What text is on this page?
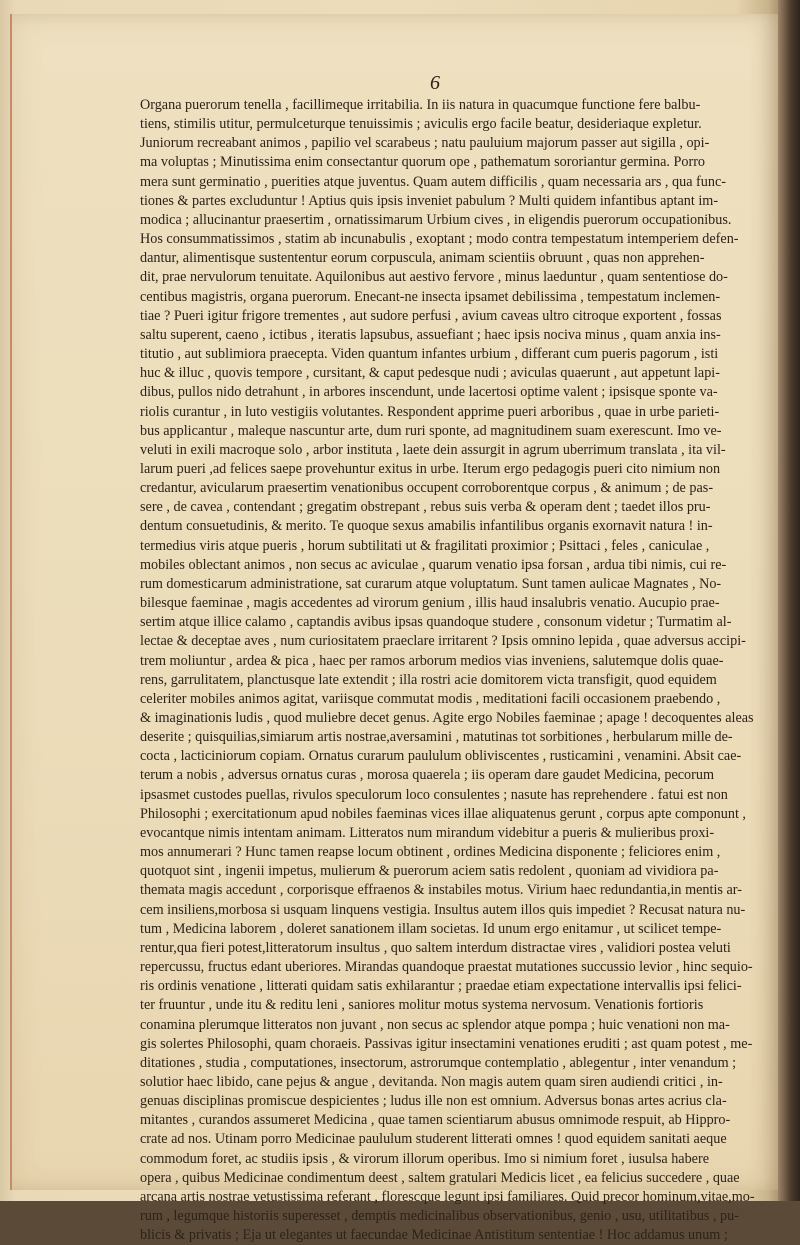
6
Organa puerorum tenella , facillimeque irritabilia. In iis natura in quacumque functione fere balbu-
tiens, stimilis utitur, permulceturque tenuissimis ; aviculis ergo facile beatur, desideriaque expletur.
Juniorum recreabant animos , papilio vel scarabeus ; natu pauluium majorum passer aut sigilla , opi-
ma voluptas ; Minutissima enim consectantur quorum ope , pathematum sororiantur germina. Porro
mera sunt germinatio , puerities atque juventus. Quam autem difficilis , quam necessaria ars , qua func-
tiones & partes excluduntur ! Aptius quis ipsis inveniet pabulum ? Multi quidem infantibus aptant im-
modica ; allucinantur praesertim , ornatissimarum Urbium cives , in eligendis puerorum occupationibus.
Hos consummatissimos , statim ab incunabulis , exoptant ; modo contra tempestatum intemperiem defen-
dantur, alimentisque sustententur eorum corpuscula, animam scientiis obruunt , quas non apprehen-
dit, prae nervulorum tenuitate. Aquilonibus aut aestivo fervore , minus laeduntur , quam sententiose do-
centibus magistris, organa puerorum. Enecant-ne insecta ipsamet debilissima , tempestatum inclemen-
tiae ? Pueri igitur frigore trementes , aut sudore perfusi , avium caveas ultro citroque exportent , fossas
saltu superent, caeno , ictibus , iteratis lapsubus, assuefiant ; haec ipsis nociva minus , quam anxia ins-
titutio , aut sublimiora praecepta. Viden quantum infantes urbium , differant cum pueris pagorum , isti
huc & illuc , quovis tempore , cursitant, & caput pedesque nudi ; aviculas quaerunt , aut appetunt lapi-
dibus, pullos nido detrahunt , in arbores inscendunt, unde lacertosi optime valent ; ipsisque sponte va-
riolis curantur , in luto vestigiis volutantes. Respondent apprime pueri arboribus , quae in urbe parieti-
bus applicantur , maleque nascuntur arte, dum ruri sponte, ad magnitudinem suam exerescunt. Imo ve-
veluti in exili macroque solo , arbor instituta , laete dein assurgit in agrum uberrimum translata , ita vil-
larum pueri ,ad felices saepe provehuntur exitus in urbe. Iterum ergo pedagogis pueri cito nimium non
credantur, avicularum praesertim venationibus occupent corroborentque corpus , & animum ; de pas-
sere , de cavea , contendant ; gregatim obstrepant , rebus suis verba & operam dent ; taedet illos pru-
dentum consuetudinis, & merito. Te quoque sexus amabilis infantilibus organis exornavit natura ! in-
termedius viris atque pueris , horum subtilitati ut & fragilitati proximior ; Psittaci , feles , caniculae ,
mobiles oblectant animos , non secus ac aviculae , quarum venatio ipsa forsan , ardua tibi nimis, cui re-
rum domesticarum administratione, sat curarum atque voluptatum. Sunt tamen aulicae Magnates , No-
bilesque faeminae , magis accedentes ad virorum genium , illis haud insalubris venatio. Aucupio prae-
sertim atque illice calamo , captandis avibus ipsas quandoque studere , consonum videtur ; Turmatim al-
lectae & deceptae aves , num curiositatem praeclare irritarent ? Ipsis omnino lepida , quae adversus accipi-
trem moliuntur , ardea & pica , haec per ramos arborum medios vias inveniens, salutemque dolis quae-
rens, garrulitatem, planctusque late extendit ; illa rostri acie domitorem victa transfigit, quod equidem
celeriter mobiles animos agitat, variisque commutat modis , meditationi facili occasionem praebendo ,
& imaginationis ludis , quod muliebre decet genus. Agite ergo Nobiles faeminae ; apage ! decoquentes aleas
deserite ; quisquilias,simiarum artis nostrae,aversamini , matutinas tot sorbitiones , herbularum mille de-
cocta , lacticiniorum copiam. Ornatus curarum paululum obliviscentes , rusticamini , venamini. Absit cae-
terum a nobis , adversus ornatus curas , morosa quaerela ; iis operam dare gaudet Medicina, pecorum
ipsasmet custodes puellas, rivulos speculorum loco consulentes ; nasute has reprehendere . fatui est non
Philosophi ; exercitationum apud nobiles faeminas vices illae aliquatenus gerunt , corpus apte componunt ,
evocantque nimis intentam animam. Litteratos num mirandum videbitur a pueris & mulieribus proxi-
mos annumerari ? Hunc tamen reapse locum obtinent , ordines Medicina disponente ; feliciores enim ,
quotquot sint , ingenii impetus, mulierum & puerorum aciem satis redolent , quoniam ad vividiora pa-
themata magis accedunt , corporisque effraenos & instabiles motus. Virium haec redundantia,in mentis ar-
cem insiliens,morbosa si usquam linquens vestigia. Insultus autem illos quis impediet ? Recusat natura nu-
tum , Medicina laborem , doleret sanationem illam societas. Id unum ergo enitamur , ut scilicet tempe-
rentur,qua fieri potest,litteratorum insultus , quo saltem interdum distractae vires , validiori postea veluti
repercussu, fructus edant uberiores. Mirandas quandoque praestat mutationes succussio levior , hinc sequio-
ris ordinis venatione , litterati quidam satis exhilarantur ; praedae etiam expectatione intervallis ipsi felici-
ter fruuntur , unde itu & reditu leni , saniores molitur motus systema nervosum. Venationis fortioris
conamina plerumque litteratos non juvant , non secus ac splendor atque pompa ; huic venationi non ma-
gis solertes Philosophi, quam choraeis. Passivas igitur insectamini venationes eruditi ; ast quam potest , me-
ditationes , studia , computationes, insectorum, astrorumque contemplatio , ablegentur , inter venandum ;
solutior haec libido, cane pejus & angue , devitanda. Non magis autem quam siren audiendi critici , in-
genuas disciplinas promiscue despicientes ; ludus ille non est omnium. Adversus bonas artes acrius cla-
mitantes , curandos assumeret Medicina , quae tamen scientiarum abusus omnimode respuit, ab Hippro-
crate ad nos. Utinam porro Medicinae paululum studerent litterati omnes ! quod equidem sanitati aeque
commodum foret, ac studiis ipsis , & virorum illorum operibus. Imo si nimium foret , iusulsa habere
opera , quibus Medicinae condimentum deest , saltem gratulari Medicis licet , ea felicius succedere , quae
arcana artis nostrae vetustissima referant , florescque legunt ipsi familiares. Quid precor hominum,vitae,mo-
rum , legumque historiis superesset , demptis medicinalibus observationibus, genio , usu, utilitatibus , pu-
blicis & privatis ; Eja ut elegantes ut faecundae Medicinae Antistitum sententiae ! Hoc addamus unum ;
